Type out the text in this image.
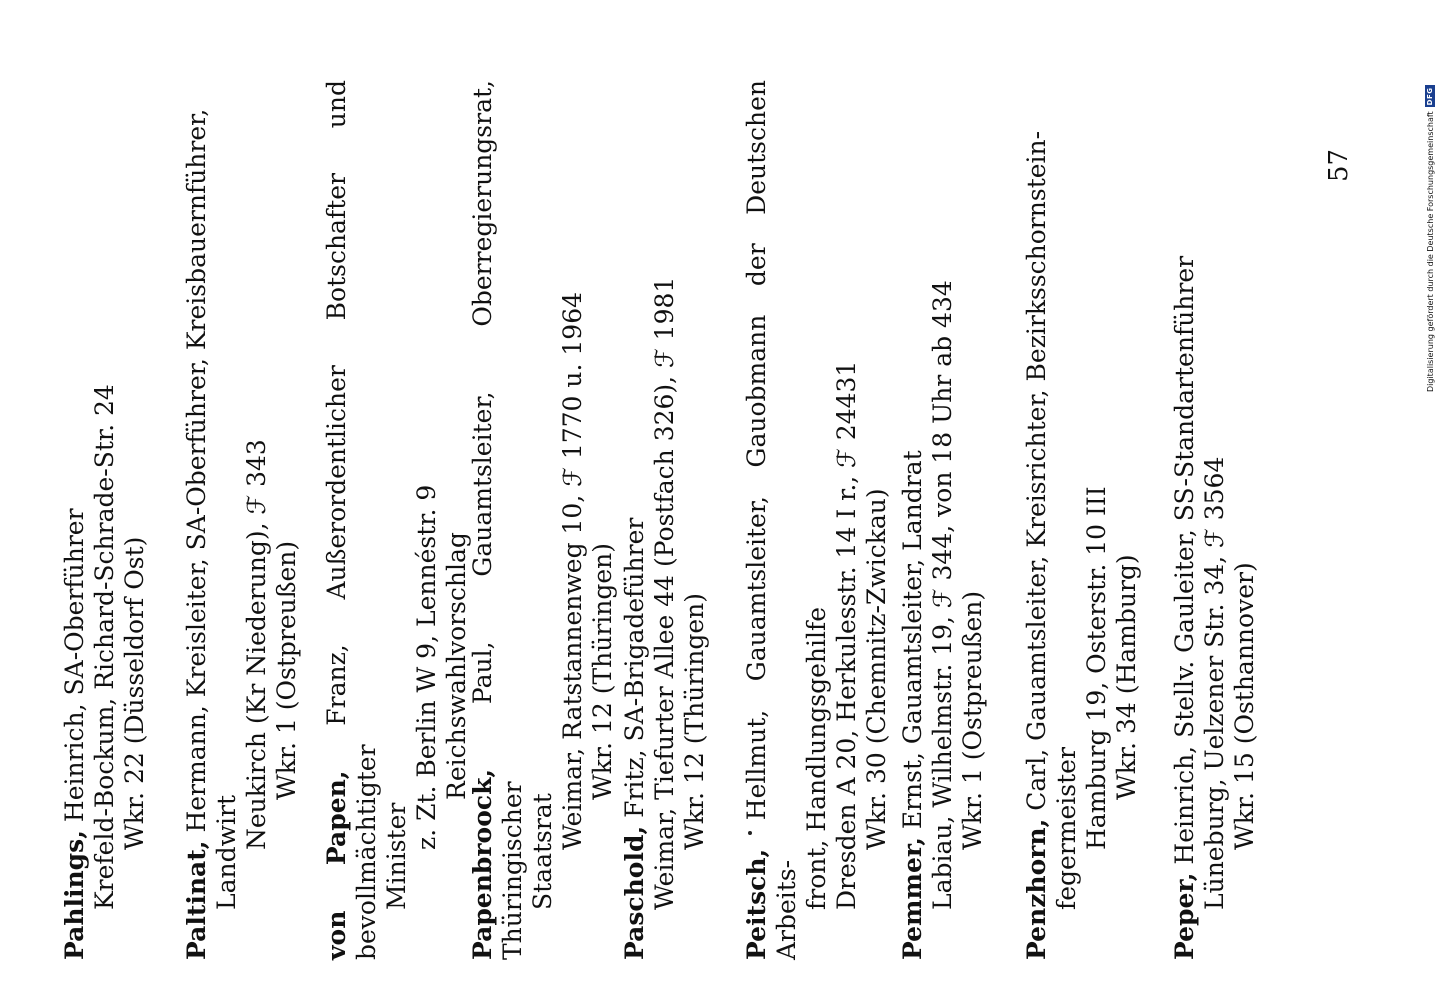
57
Pahlings, Heinrich, SA-Oberführer Krefeld-Bockum, Richard-Schrade-Str. 24 Wkr. 22 (Düsseldorf Ost)
Paltinat, Hermann, Kreisleiter, SA-Oberführer, Kreisbauernführer,
Landwirt
Neukirch (Kr Niederung), ℱ 343 Wkr. 1 (Ostpreußen)
von Papen, Franz, Außerordentlicher Botschafter und bevollmächtigter Minister
z. Zt. Berlin W 9, Lennéstr. 9 Reichswahlvorschlag
Papenbroock, Paul, Gauamtsleiter, Oberregierungsrat, Thüringischer Staatsrat
Weimar, Ratstannenweg 10, ℱ 1770 u. 1964 Wkr. 12 (Thüringen)
Paschold, Fritz, SA-Brigadeführer Weimar, Tiefurter Allee 44 (Postfach 326), ℱ 1981 Wkr. 12 (Thüringen)
Peitsch, Hellmut, Gauamtsleiter, Gauobmann der Deutschen Arbeits- front, Handlungsgehilfe Dresden A 20, Herkulesstr. 14 I r., ℱ 24431 Wkr. 30 (Chemnitz-Zwickau)
Pemmer, Ernst, Gauamtsleiter, Landrat Labiau, Wilhelmstr. 19, ℱ 344, von 18 Uhr ab 434 Wkr. 1 (Ostpreußen)
Penzhorn, Carl, Gauamtsleiter, Kreisrichter, Bezirksschornstein-
fegermeister Hamburg 19, Osterstr. 10 III Wkr. 34 (Hamburg)
Peper, Heinrich, Stellv. Gauleiter, SS-Standartenführer Lüneburg, Uelzener Str. 34, ℱ 3564 Wkr. 15 (Osthannover)
Digitalisierung gefördert durch die Deutsche Forschungsgemeinschaft
DFG
